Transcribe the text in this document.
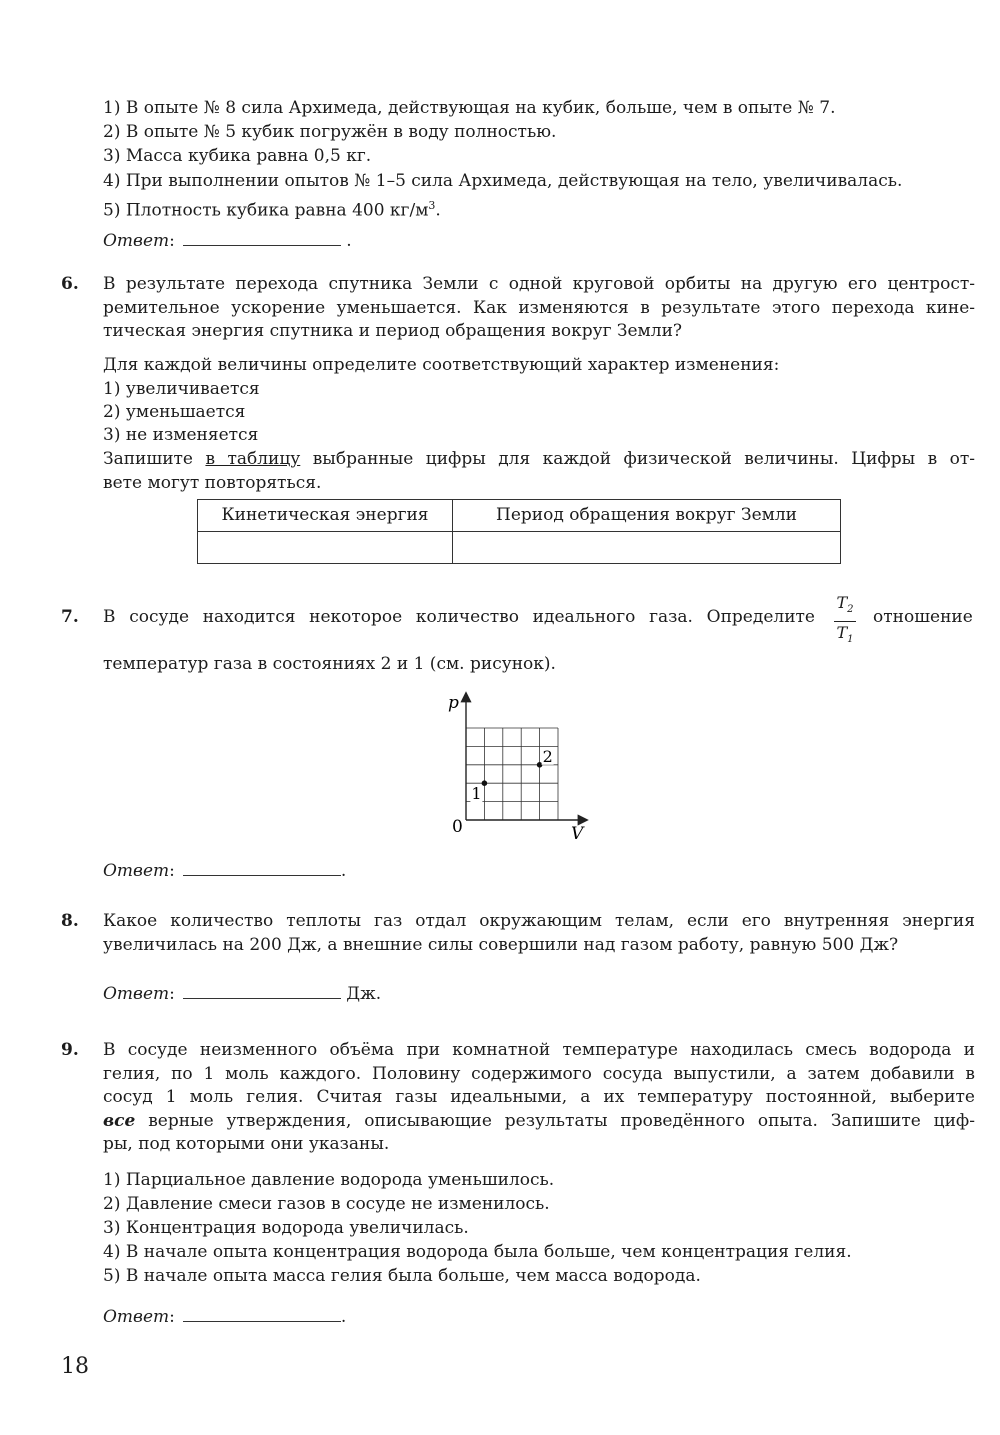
1) В опыте № 8 сила Архимеда, действующая на кубик, больше, чем в опыте № 7.
2) В опыте № 5 кубик погружён в воду полностью.
3) Масса кубика равна 0,5 кг.
4) При выполнении опытов № 1–5 сила Архимеда, действующая на тело, увеличивалась.
5) Плотность кубика равна 400 $кг/м^3$.
Ответ:	.
6. В результате перехода спутника Земли с одной круговой орбиты на другую его центрост-
ремительное ускорение уменьшается. Как изменяются в результате этого перехода кине-
тическая энергия спутника и период обращения вокруг Земли?
Для каждой величины определите соответствующий характер изменения:
1) увеличивается
2) уменьшается
3) не изменяется
Запишите в таблицу выбранные цифры для каждой физической величины. Цифры в от-
вете могут повторяться.
Кинетическая энергия	Период обращения вокруг Земли

7. В сосуде находится некоторое количество идеального газа. Определите
$T_2$
$T_1$
отношение
температур газа в состояниях 2 и 1 (см. рисунок).
p
V
0
1
2
Ответ:	.
8. Какое количество теплоты газ отдал окружающим телам, если его внутренняя энергия
увеличилась на 200 Дж, а внешние силы совершили над газом работу, равную 500 Дж?
Ответ:	Дж.
9. В сосуде неизменного объёма при комнатной температуре находилась смесь водорода и
гелия, по 1 моль каждого. Половину содержимого сосуда выпустили, а затем добавили в
сосуд 1 моль гелия. Считая газы идеальными, а их температуру постоянной, выберите
все верные утверждения, описывающие результаты проведённого опыта. Запишите циф-
ры, под которыми они указаны.
1) Парциальное давление водорода уменьшилось.
2) Давление смеси газов в сосуде не изменилось.
3) Концентрация водорода увеличилась.
4) В начале опыта концентрация водорода была больше, чем концентрация гелия.
5) В начале опыта масса гелия была больше, чем масса водорода.
Ответ:	.
18
